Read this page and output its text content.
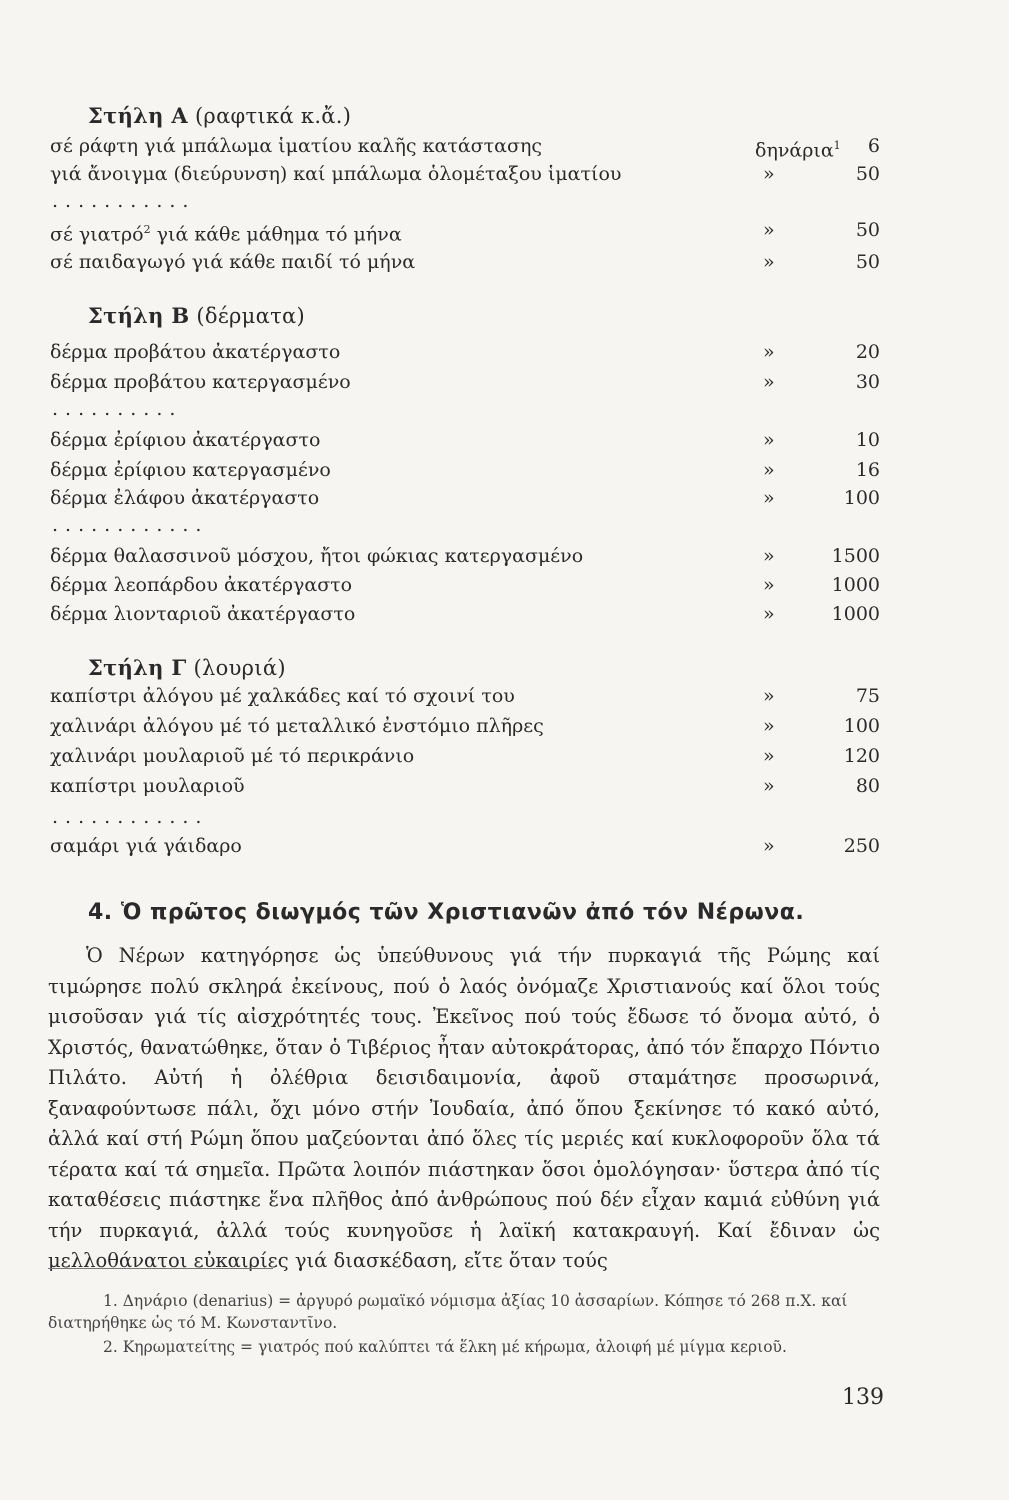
Στήλη Α (ραφτικά κ.ἄ.)
σέ ράφτη γιά μπάλωμα ἱματίου καλῆς κατάστασης	δηνάρια$^1$ 6
γιά ἄνοιγμα (διεύρυνση) καί μπάλωμα ὁλομέταξου ἱματίου	»	50
...........
σέ γιατρό$^2$ γιά κάθε μάθημα τό μήνα	»	50
σέ παιδαγωγό γιά κάθε παιδί τό μήνα	»	50
Στήλη Β (δέρματα)
δέρμα προβάτου ἀκατέργαστο	»	20
δέρμα προβάτου κατεργασμένο	»	30
..........
δέρμα ἐρίφιου ἀκατέργαστο	»	10
δέρμα ἐρίφιου κατεργασμένο	»	16
δέρμα ἐλάφου ἀκατέργαστο	»	100
............
δέρμα θαλασσινοῦ μόσχου, ἤτοι φώκιας κατεργασμένο	»	1500
δέρμα λεοπάρδου ἀκατέργαστο	»	1000
δέρμα λιονταριοῦ ἀκατέργαστο	»	1000
Στήλη Γ (λουριά)
καπίστρι ἀλόγου μέ χαλκάδες καί τό σχοινί του	»	75
χαλινάρι ἀλόγου μέ τό μεταλλικό ἐνστόμιο πλῆρες	»	100
χαλινάρι μουλαριοῦ μέ τό περικράνιο	»	120
καπίστρι μουλαριοῦ	»	80
............
σαμάρι γιά γάιδαρο	»	250
4. Ὁ πρῶτος διωγμός τῶν Χριστιανῶν ἀπό τόν Νέρωνα.

Ὁ Νέρων κατηγόρησε ὡς ὑπεύθυνους γιά τήν πυρκαγιά τῆς Ρώμης καί τιμώρησε πολύ σκληρά ἐκείνους, πού ὁ λαός ὀνόμαζε Χριστιανούς καί ὅλοι τούς μισοῦσαν γιά τίς αἰσχρότητές τους. Ἐκεῖνος πού τούς ἔδωσε τό ὄνομα αὐτό, ὁ Χριστός, θανατώθηκε, ὅταν ὁ Τιβέριος ἦταν αὐτοκράτορας, ἀπό τόν ἔπαρχο Πόντιο Πιλάτο. Αὐτή ἡ ὀλέθρια δεισιδαιμονία, ἀφοῦ σταμάτησε προσωρινά, ξαναφούντωσε πάλι, ὄχι μόνο στήν Ἰουδαία, ἀπό ὅπου ξεκίνησε τό κακό αὐτό, ἀλλά καί στή Ρώμη ὅπου μαζεύονται ἀπό ὅλες τίς μεριές καί κυκλοφοροῦν ὅλα τά τέρατα καί τά σημεῖα. Πρῶτα λοιπόν πιάστηκαν ὅσοι ὁμολόγησαν· ὕστερα ἀπό τίς καταθέσεις πιάστηκε ἕνα πλῆθος ἀπό ἀνθρώπους πού δέν εἶχαν καμιά εὐθύνη γιά τήν πυρκαγιά, ἀλλά τούς κυνηγοῦσε ἡ λαϊκή κατακραυγή. Καί ἔδιναν ὡς μελλοθάνατοι εὐκαιρίες γιά διασκέδαση, εἴτε ὅταν τούς

1. Δηνάριο (denarius) = ἀργυρό ρωμαϊκό νόμισμα ἀξίας 10 ἀσσαρίων. Κόπησε τό 268 π.Χ. καί διατηρήθηκε ὡς τό Μ. Κωνσταντῖνο.
2. Κηρωματείτης = γιατρός πού καλύπτει τά ἕλκη μέ κήρωμα, ἀλοιφή μέ μίγμα κεριοῦ.
139
